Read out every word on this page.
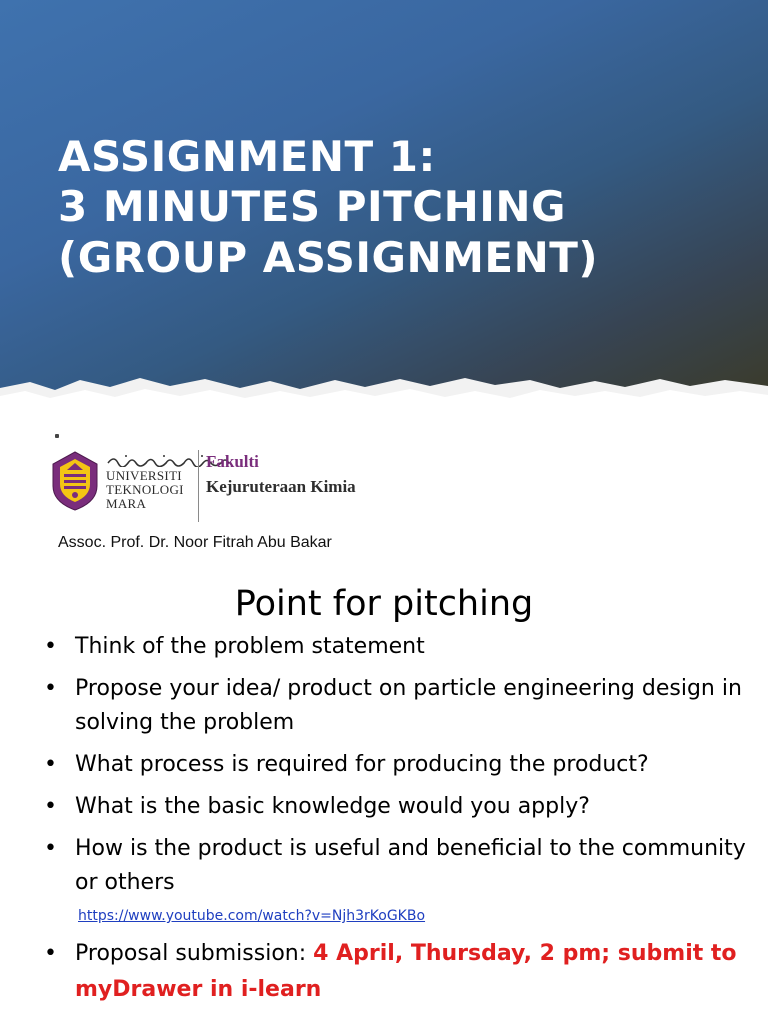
ASSIGNMENT 1:
3 MINUTES PITCHING
(GROUP ASSIGNMENT)

UNIVERSITI
TEKNOLOGI
MARA

Fakulti
Kejuruteraan Kimia
Assoc. Prof. Dr. Noor Fitrah Abu Bakar
Point for pitching
• Think of the problem statement
• Propose your idea/ product on particle engineering design in solving the problem
• What process is required for producing the product?
• What is the basic knowledge would you apply?
• How is the product is useful and beneficial to the community or others
https://www.youtube.com/watch?v=Njh3rKoGKBo
• Proposal submission: 4 April, Thursday, 2 pm; submit to myDrawer in i-learn
